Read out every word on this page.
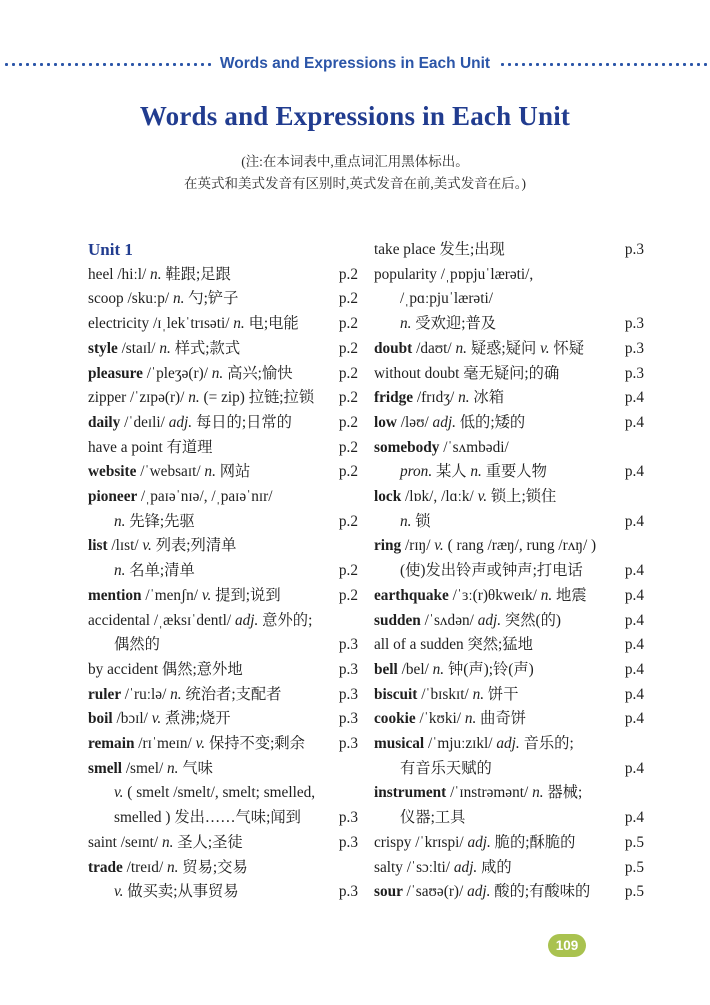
Words and Expressions in Each Unit
Words and Expressions in Each Unit
(注:在本词表中,重点词汇用黑体标出。
在英式和美式发音有区别时,英式发音在前,美式发音在后。)
Unit 1
heel /hiːl/ n. 鞋跟;足跟	p.2
scoop /skuːp/ n. 勺;铲子	p.2
electricity /ɪˌlekˈtrɪsəti/ n. 电;电能	p.2
style /staɪl/ n. 样式;款式	p.2
pleasure /ˈpleʒə(r)/ n. 高兴;愉快	p.2
zipper /ˈzɪpə(r)/ n. (= zip) 拉链;拉锁	p.2
daily /ˈdeɪli/ adj. 每日的;日常的	p.2
have a point 有道理	p.2
website /ˈwebsaɪt/ n. 网站	p.2
pioneer /ˌpaɪəˈnɪə/, /ˌpaɪəˈnɪr/
n. 先锋;先驱	p.2
list /lɪst/ v. 列表;列清单
n. 名单;清单	p.2
mention /ˈmenʃn/ v. 提到;说到	p.2
accidental /ˌæksɪˈdentl/ adj. 意外的;
偶然的	p.3
by accident 偶然;意外地	p.3
ruler /ˈruːlə/ n. 统治者;支配者	p.3
boil /bɔɪl/ v. 煮沸;烧开	p.3
remain /rɪˈmeɪn/ v. 保持不变;剩余	p.3
smell /smel/ n. 气味
v. ( smelt /smelt/, smelt; smelled,
smelled ) 发出……气味;闻到	p.3
saint /seɪnt/ n. 圣人;圣徒	p.3
trade /treɪd/ n. 贸易;交易
v. 做买卖;从事贸易	p.3
take place 发生;出现	p.3
popularity /ˌpɒpjuˈlærəti/,
/ˌpɑːpjuˈlærəti/
n. 受欢迎;普及	p.3
doubt /daʊt/ n. 疑惑;疑问 v. 怀疑	p.3
without doubt 毫无疑问;的确	p.3
fridge /frɪdʒ/ n. 冰箱	p.4
low /ləʊ/ adj. 低的;矮的	p.4
somebody /ˈsʌmbədi/
pron. 某人 n. 重要人物	p.4
lock /lɒk/, /lɑːk/ v. 锁上;锁住
n. 锁	p.4
ring /rɪŋ/ v. ( rang /ræŋ/, rung /rʌŋ/ )
(使)发出铃声或钟声;打电话	p.4
earthquake /ˈɜː(r)θkweɪk/ n. 地震	p.4
sudden /ˈsʌdən/ adj. 突然(的)	p.4
all of a sudden 突然;猛地	p.4
bell /bel/ n. 钟(声);铃(声)	p.4
biscuit /ˈbɪskɪt/ n. 饼干	p.4
cookie /ˈkʊki/ n. 曲奇饼	p.4
musical /ˈmjuːzɪkl/ adj. 音乐的;
有音乐天赋的	p.4
instrument /ˈɪnstrəmənt/ n. 器械;
仪器;工具	p.4
crispy /ˈkrɪspi/ adj. 脆的;酥脆的	p.5
salty /ˈsɔːlti/ adj. 咸的	p.5
sour /ˈsaʊə(r)/ adj. 酸的;有酸味的	p.5
109
